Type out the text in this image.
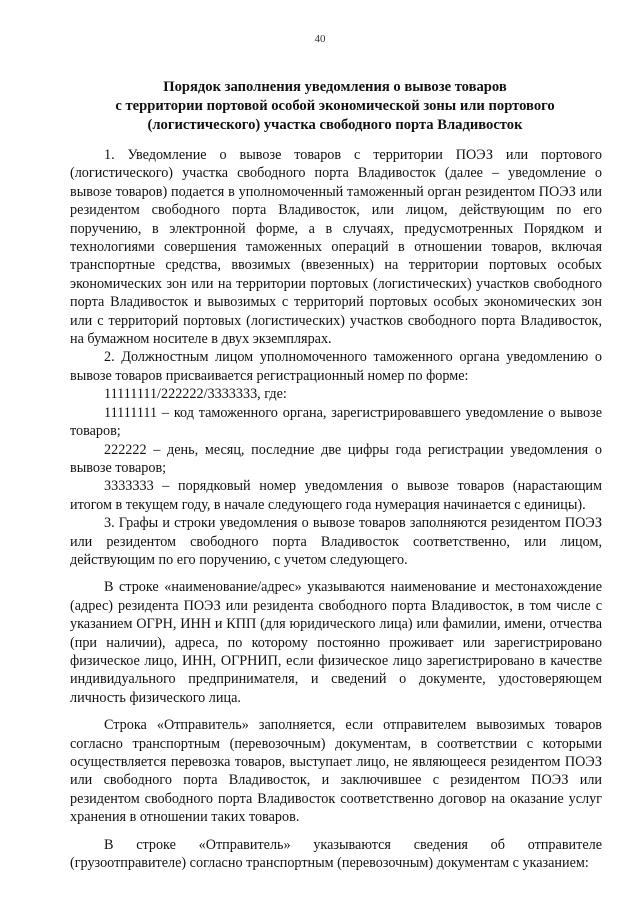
40
Порядок заполнения уведомления о вывозе товаров
с территории портовой особой экономической зоны или портового
(логистического) участка свободного порта Владивосток

1. Уведомление о вывозе товаров с территории ПОЭЗ или портового (логистического) участка свободного порта Владивосток (далее – уведомление о вывозе товаров) подается в уполномоченный таможенный орган резидентом ПОЭЗ или резидентом свободного порта Владивосток, или лицом, действующим по его поручению, в электронной форме, а в случаях, предусмотренных Порядком и технологиями совершения таможенных операций в отношении товаров, включая транспортные средства, ввозимых (ввезенных) на территории портовых особых экономических зон или на территории портовых (логистических) участков свободного порта Владивосток и вывозимых с территорий портовых особых экономических зон или с территорий портовых (логистических) участков свободного порта Владивосток, на бумажном носителе в двух экземплярах.

2. Должностным лицом уполномоченного таможенного органа уведомлению о вывозе товаров присваивается регистрационный номер по форме:

11111111/222222/3333333, где:

11111111 – код таможенного органа, зарегистрировавшего уведомление о вывозе товаров;

222222 – день, месяц, последние две цифры года регистрации уведомления о вывозе товаров;

3333333 – порядковый номер уведомления о вывозе товаров (нарастающим итогом в текущем году, в начале следующего года нумерация начинается с единицы).

3. Графы и строки уведомления о вывозе товаров заполняются резидентом ПОЭЗ или резидентом свободного порта Владивосток соответственно, или лицом, действующим по его поручению, с учетом следующего.

В строке «наименование/адрес» указываются наименование и местонахождение (адрес) резидента ПОЭЗ или резидента свободного порта Владивосток, в том числе с указанием ОГРН, ИНН и КПП (для юридического лица) или фамилии, имени, отчества (при наличии), адреса, по которому постоянно проживает или зарегистрировано физическое лицо, ИНН, ОГРНИП, если физическое лицо зарегистрировано в качестве индивидуального предпринимателя, и сведений о документе, удостоверяющем личность физического лица.

Строка «Отправитель» заполняется, если отправителем вывозимых товаров согласно транспортным (перевозочным) документам, в соответствии с которыми осуществляется перевозка товаров, выступает лицо, не являющееся резидентом ПОЭЗ или свободного порта Владивосток, и заключившее с резидентом ПОЭЗ или резидентом свободного порта Владивосток соответственно договор на оказание услуг хранения в отношении таких товаров.

В строке «Отправитель» указываются сведения об отправителе (грузоотправителе) согласно транспортным (перевозочным) документам с указанием:
